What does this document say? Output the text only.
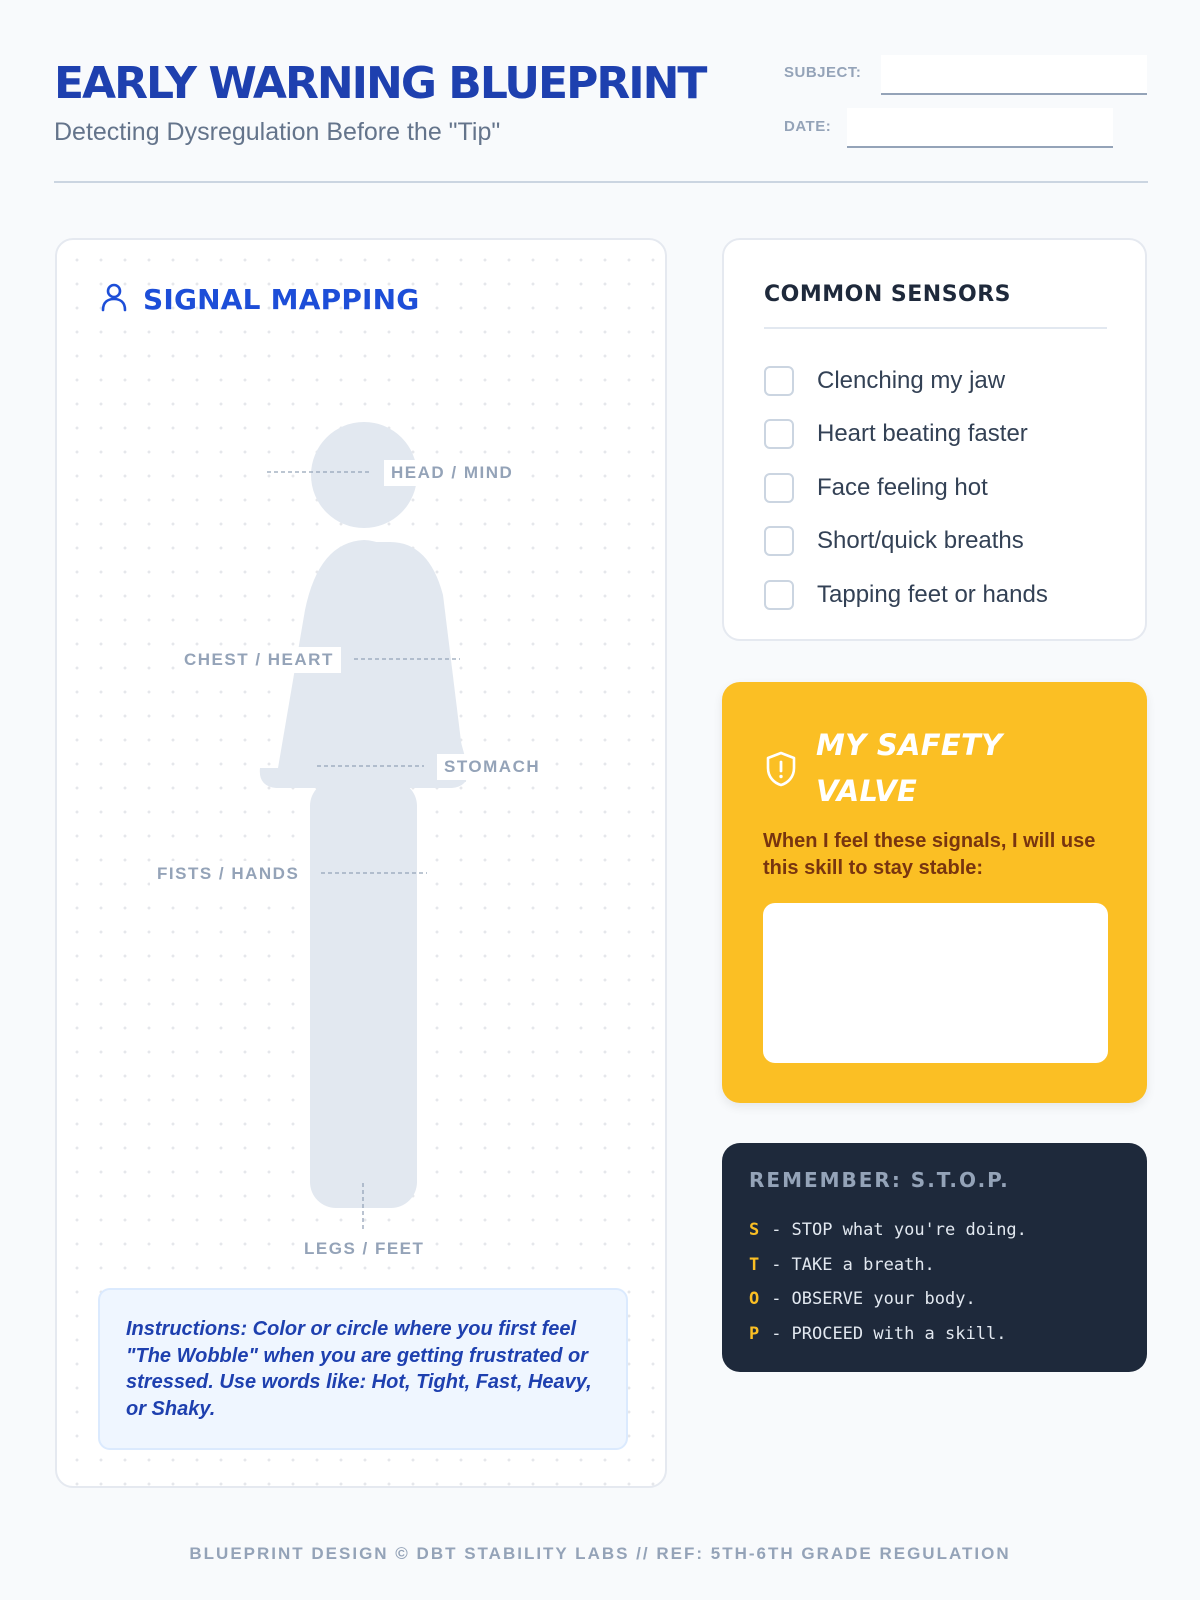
EARLY WARNING BLUEPRINT
Detecting Dysregulation Before the "Tip"
SUBJECT:
DATE:
SIGNAL MAPPING
HEAD / MIND
CHEST / HEART
STOMACH
FISTS / HANDS
LEGS / FEET
Instructions: Color or circle where you first feel "The Wobble" when you are getting frustrated or stressed. Use words like: Hot, Tight, Fast, Heavy, or Shaky.
COMMON SENSORS
Clenching my jaw
Heart beating faster
Face feeling hot
Short/quick breaths
Tapping feet or hands
MY SAFETY VALVE
When I feel these signals, I will use this skill to stay stable:
REMEMBER: S.T.O.P.
S - STOP what you're doing.
T - TAKE a breath.
O - OBSERVE your body.
P - PROCEED with a skill.
BLUEPRINT DESIGN © DBT STABILITY LABS // REF: 5TH-6TH GRADE REGULATION
